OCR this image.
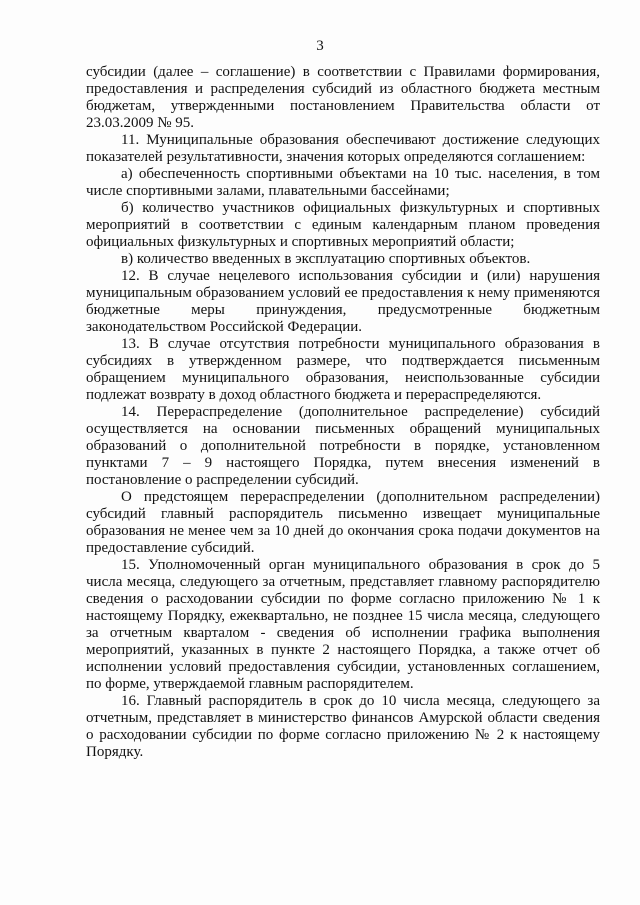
3

субсидии (далее – соглашение) в соответствии с Правилами формирования, предоставления и распределения субсидий из областного бюджета местным бюджетам, утвержденными постановлением Правительства области от 23.03.2009 № 95.

11. Муниципальные образования обеспечивают достижение следующих показателей результативности, значения которых определяются соглашением:

а) обеспеченность спортивными объектами на 10 тыс. населения, в том числе спортивными залами, плавательными бассейнами;

б) количество участников официальных физкультурных и спортивных мероприятий в соответствии с единым календарным планом проведения официальных физкультурных и спортивных мероприятий области;

в) количество введенных в эксплуатацию спортивных объектов.

12. В случае нецелевого использования субсидии и (или) нарушения муниципальным образованием условий ее предоставления к нему применяются бюджетные меры принуждения, предусмотренные бюджетным законодательством Российской Федерации.

13. В случае отсутствия потребности муниципального образования в субсидиях в утвержденном размере, что подтверждается письменным обращением муниципального образования, неиспользованные субсидии подлежат возврату в доход областного бюджета и перераспределяются.

14. Перераспределение (дополнительное распределение) субсидий осуществляется на основании письменных обращений муниципальных образований о дополнительной потребности в порядке, установленном пунктами 7 – 9 настоящего Порядка, путем внесения изменений в постановление о распределении субсидий.

О предстоящем перераспределении (дополнительном распределении) субсидий главный распорядитель письменно извещает муниципальные образования не менее чем за 10 дней до окончания срока подачи документов на предоставление субсидий.

15. Уполномоченный орган муниципального образования в срок до 5 числа месяца, следующего за отчетным, представляет главному распорядителю сведения о расходовании субсидии по форме согласно приложению № 1 к настоящему Порядку, ежеквартально, не позднее 15 числа месяца, следующего за отчетным кварталом - сведения об исполнении графика выполнения мероприятий, указанных в пункте 2 настоящего Порядка, а также отчет об исполнении условий предоставления субсидии, установленных соглашением, по форме, утверждаемой главным распорядителем.

16. Главный распорядитель в срок до 10 числа месяца, следующего за отчетным, представляет в министерство финансов Амурской области сведения о расходовании субсидии по форме согласно приложению № 2 к настоящему Порядку.
